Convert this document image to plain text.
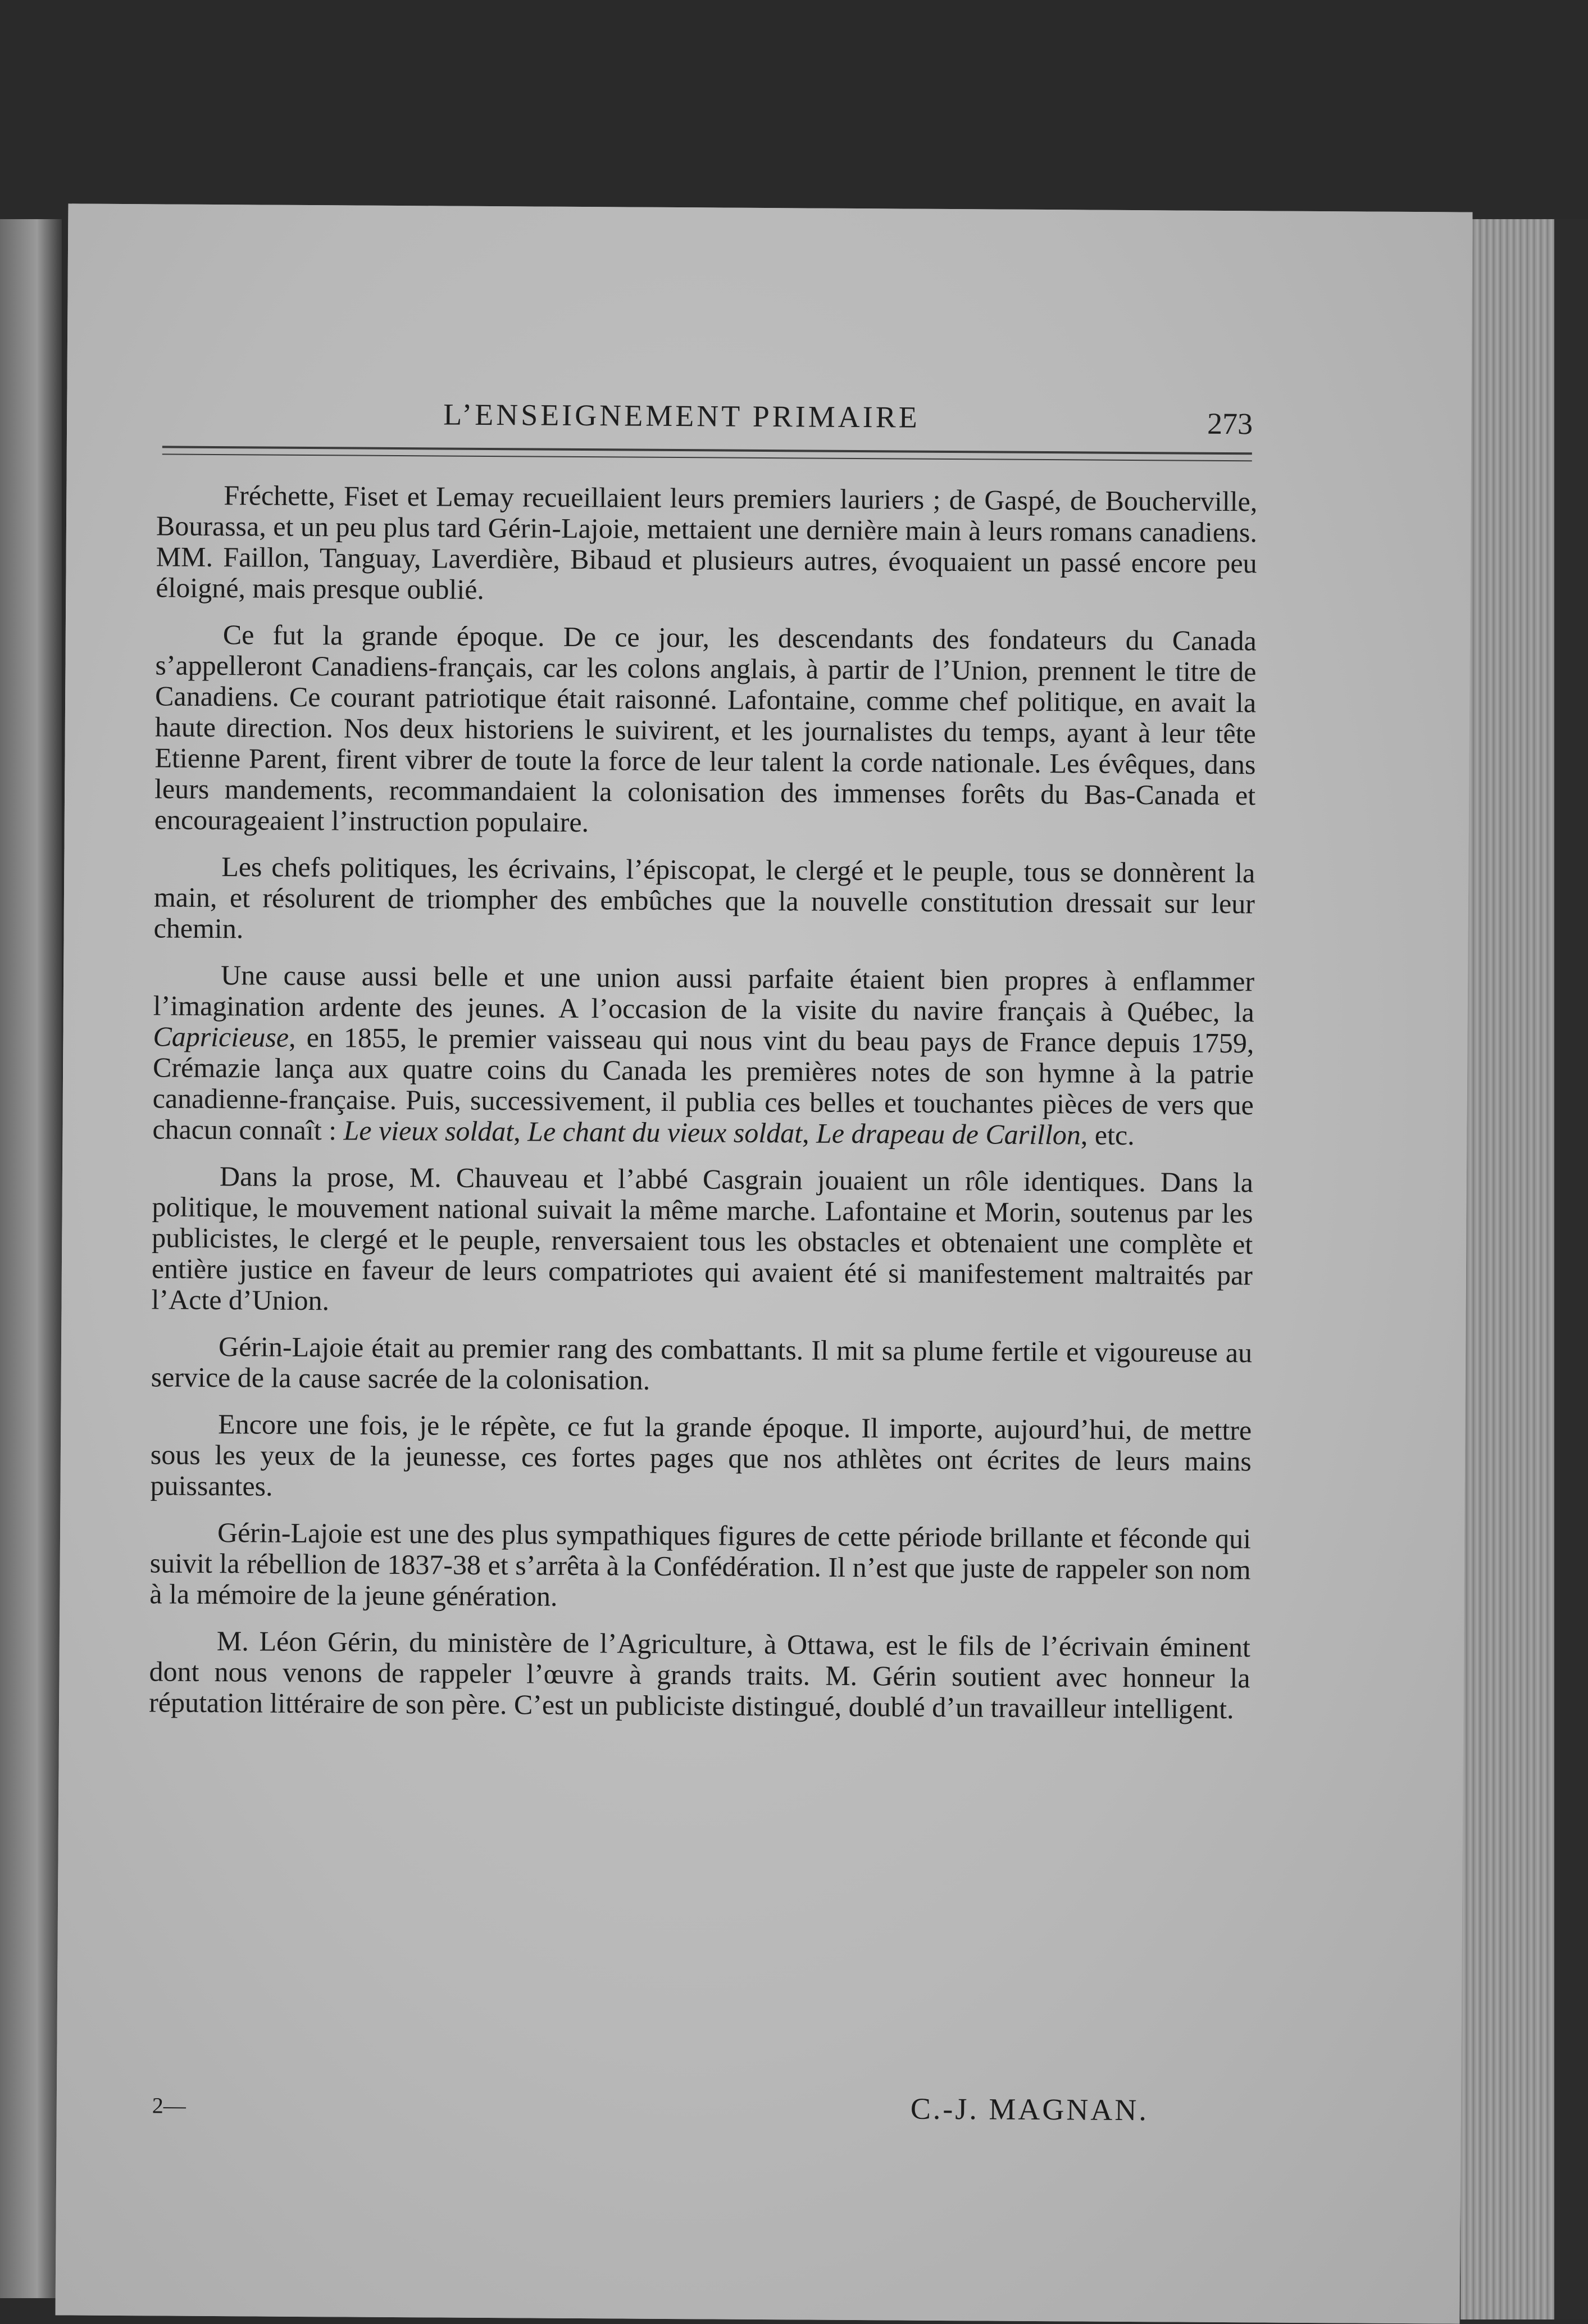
L’ENSEIGNEMENT PRIMAIRE	273

Fréchette, Fiset et Lemay recueillaient leurs premiers lauriers ; de Gaspé, de Boucherville, Bourassa, et un peu plus tard Gérin-Lajoie, mettaient une dernière main à leurs romans canadiens. MM. Faillon, Tanguay, Laverdière, Bibaud et plusieurs autres, évoquaient un passé encore peu éloigné, mais presque oublié.

Ce fut la grande époque. De ce jour, les descendants des fondateurs du Canada s’appelleront Canadiens-français, car les colons anglais, à partir de l’Union, prennent le titre de Canadiens. Ce courant patriotique était raisonné. Lafontaine, comme chef politique, en avait la haute direction. Nos deux historiens le suivirent, et les journalistes du temps, ayant à leur tête Etienne Parent, firent vibrer de toute la force de leur talent la corde nationale. Les évêques, dans leurs mandements, recommandaient la colonisation des immenses forêts du Bas-Canada et encourageaient l’instruction populaire.

Les chefs politiques, les écrivains, l’épiscopat, le clergé et le peuple, tous se donnèrent la main, et résolurent de triompher des embûches que la nouvelle constitution dressait sur leur chemin.

Une cause aussi belle et une union aussi parfaite étaient bien propres à enflammer l’imagination ardente des jeunes. A l’occasion de la visite du navire français à Québec, la Capricieuse, en 1855, le premier vaisseau qui nous vint du beau pays de France depuis 1759, Crémazie lança aux quatre coins du Canada les premières notes de son hymne à la patrie canadienne-française. Puis, successivement, il publia ces belles et touchantes pièces de vers que chacun connaît : Le vieux soldat, Le chant du vieux soldat, Le drapeau de Carillon, etc.

Dans la prose, M. Chauveau et l’abbé Casgrain jouaient un rôle identiques. Dans la politique, le mouvement national suivait la même marche. Lafontaine et Morin, soutenus par les publicistes, le clergé et le peuple, renversaient tous les obstacles et obtenaient une complète et entière justice en faveur de leurs compatriotes qui avaient été si manifestement maltraités par l’Acte d’Union.

Gérin-Lajoie était au premier rang des combattants. Il mit sa plume fertile et vigoureuse au service de la cause sacrée de la colonisation.

Encore une fois, je le répète, ce fut la grande époque. Il importe, aujourd’hui, de mettre sous les yeux de la jeunesse, ces fortes pages que nos athlètes ont écrites de leurs mains puissantes.

Gérin-Lajoie est une des plus sympathiques figures de cette période brillante et féconde qui suivit la rébellion de 1837-38 et s’arrêta à la Confédération. Il n’est que juste de rappeler son nom à la mémoire de la jeune génération.

M. Léon Gérin, du ministère de l’Agriculture, à Ottawa, est le fils de l’écrivain éminent dont nous venons de rappeler l’œuvre à grands traits. M. Gérin soutient avec honneur la réputation littéraire de son père. C’est un publiciste distingué, doublé d’un travailleur intelligent.

2—	C.-J. MAGNAN.
